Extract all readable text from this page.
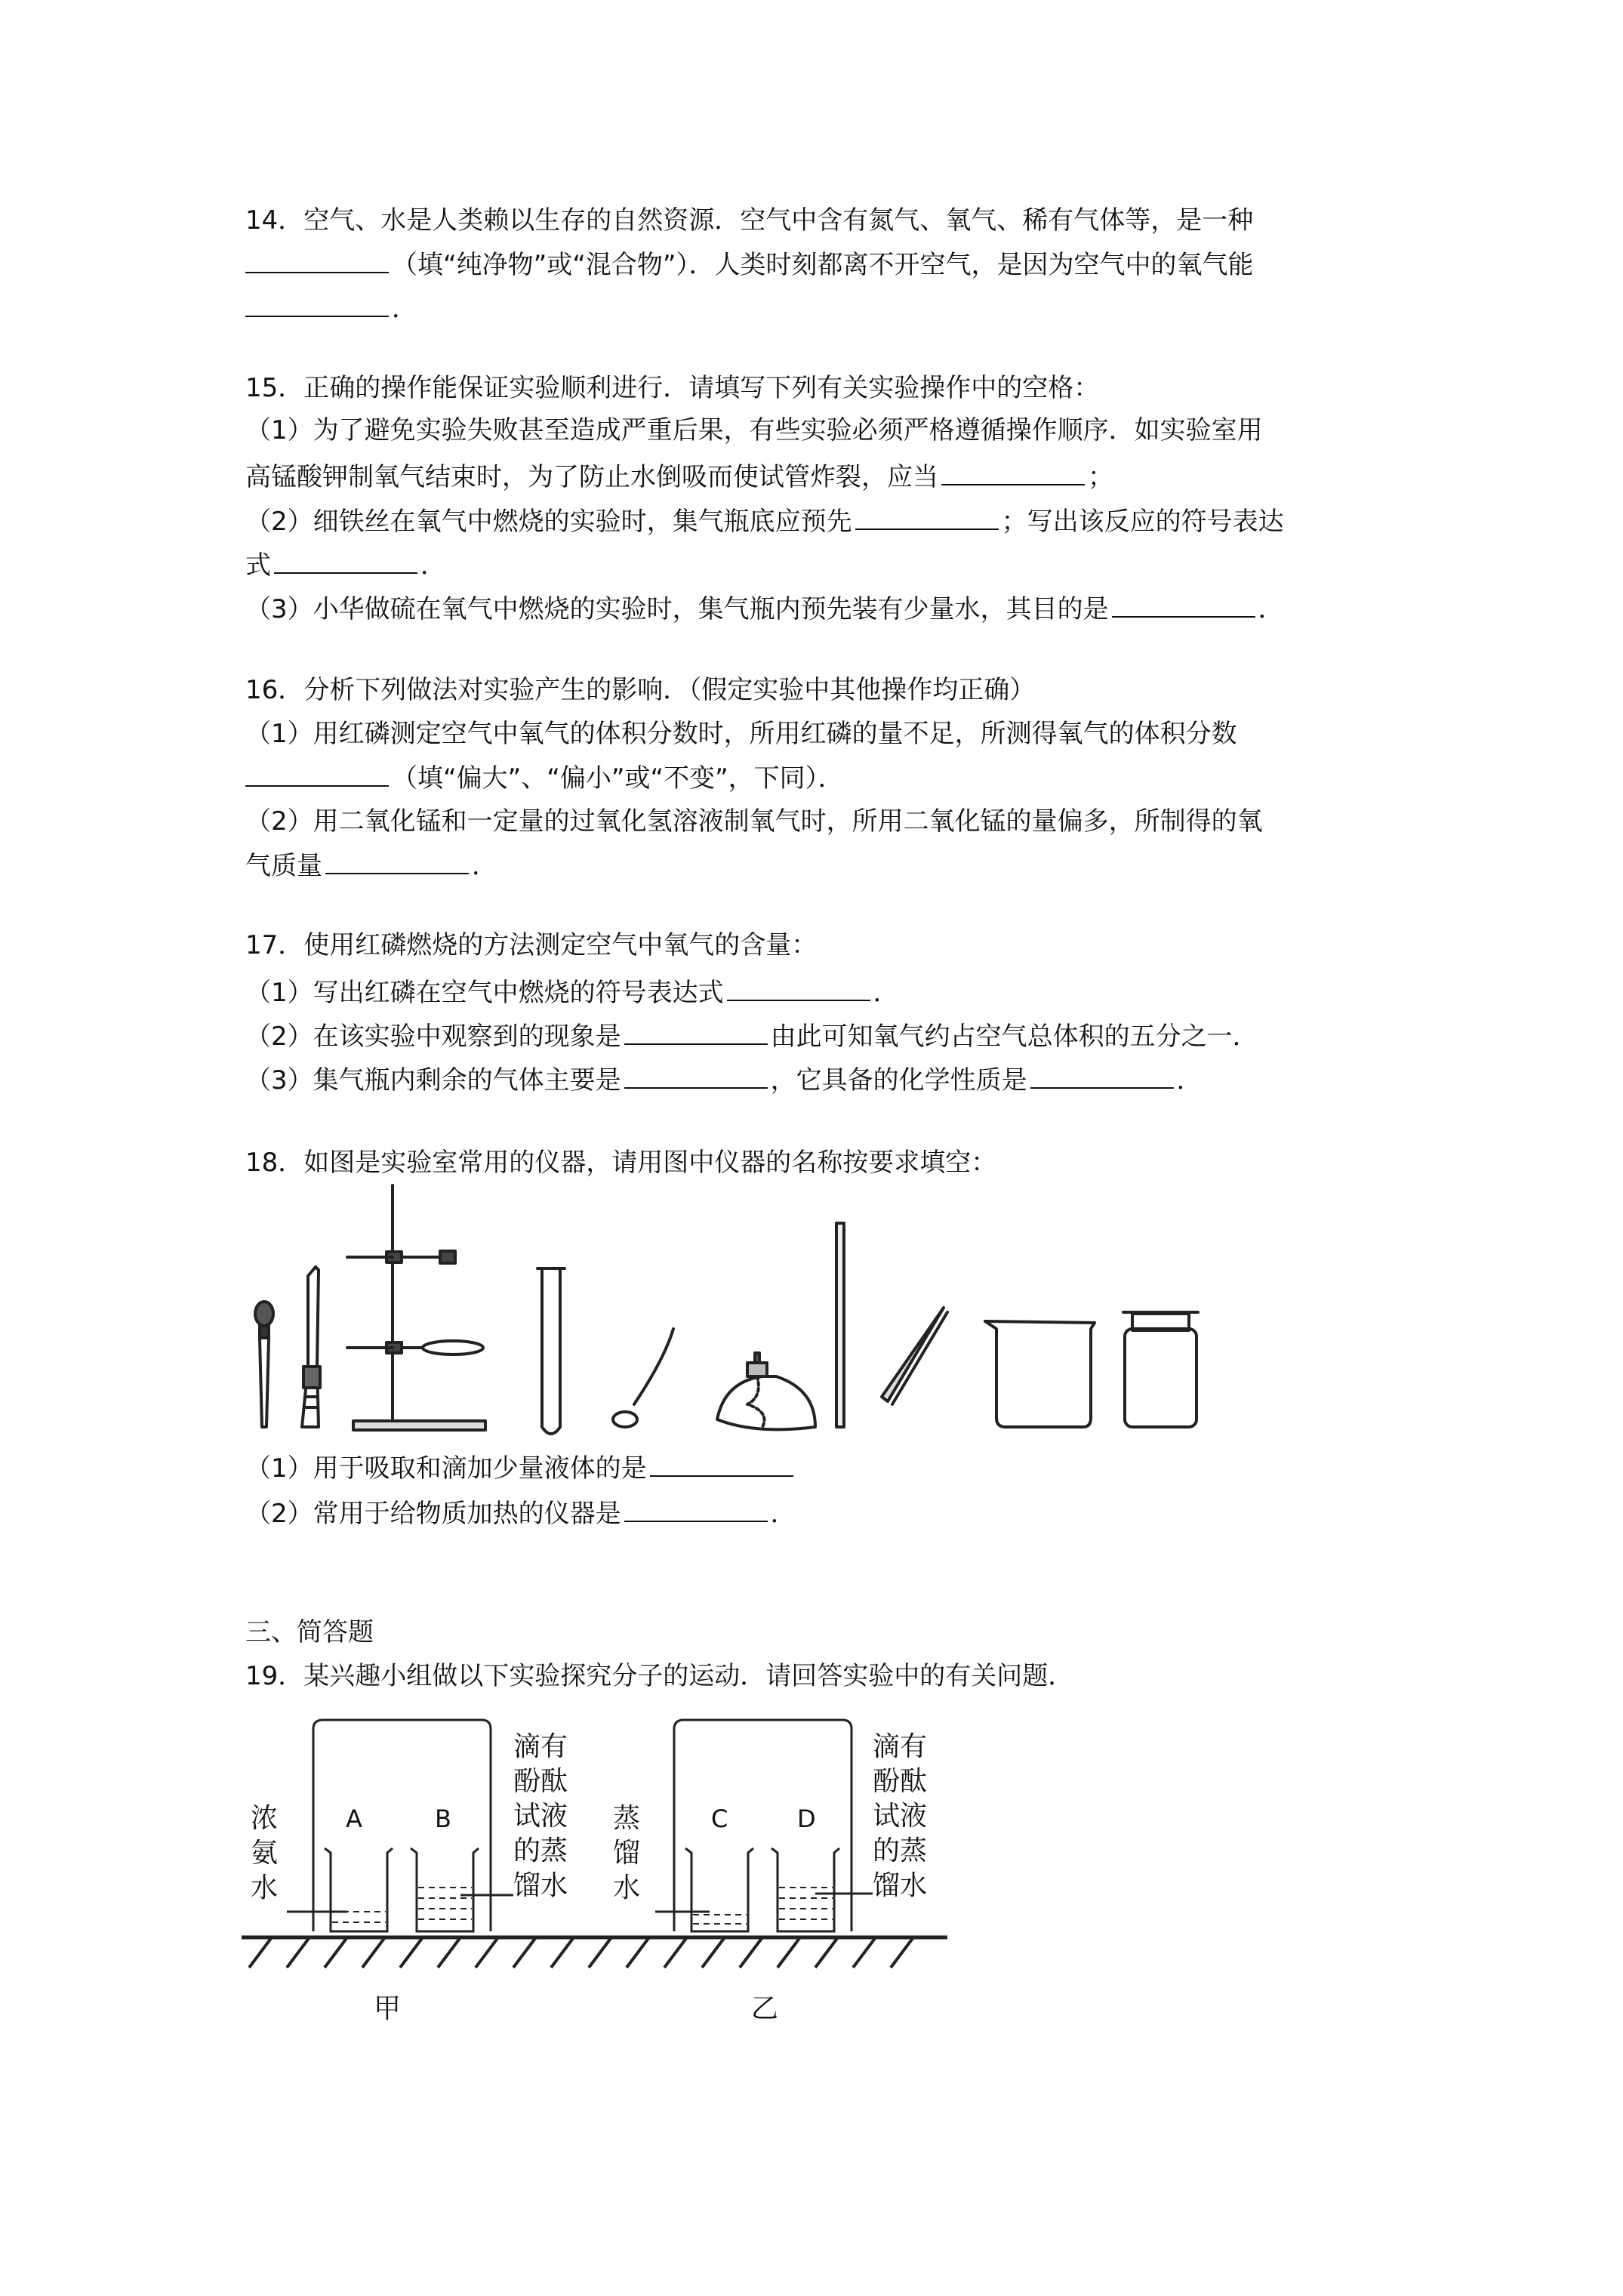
14．空气、水是人类赖以生存的自然资源．空气中含有氮气、氧气、稀有气体等，是一种
（填“纯净物”或“混合物”）．人类时刻都离不开空气，是因为空气中的氧气能
．
15．正确的操作能保证实验顺利进行．请填写下列有关实验操作中的空格：
（1）为了避免实验失败甚至造成严重后果，有些实验必须严格遵循操作顺序．如实验室用
高锰酸钾制氧气结束时，为了防止水倒吸而使试管炸裂，应当	；
（2）细铁丝在氧气中燃烧的实验时，集气瓶底应预先	；写出该反应的符号表达
式	．
（3）小华做硫在氧气中燃烧的实验时，集气瓶内预先装有少量水，其目的是	．
16．分析下列做法对实验产生的影响．（假定实验中其他操作均正确）
（1）用红磷测定空气中氧气的体积分数时，所用红磷的量不足，所测得氧气的体积分数
（填“偏大”、“偏小”或“不变”，下同）．
（2）用二氧化锰和一定量的过氧化氢溶液制氧气时，所用二氧化锰的量偏多，所制得的氧
气质量	．
17．使用红磷燃烧的方法测定空气中氧气的含量：
（1）写出红磷在空气中燃烧的符号表达式	．
（2）在该实验中观察到的现象是	由此可知氧气约占空气总体积的五分之一．
（3）集气瓶内剩余的气体主要是	，它具备的化学性质是	．
18．如图是实验室常用的仪器，请用图中仪器的名称按要求填空：
（1）用于吸取和滴加少量液体的是
（2）常用于给物质加热的仪器是	．
三、简答题
19．某兴趣小组做以下实验探究分子的运动．请回答实验中的有关问题．
浓
氨
水
滴有
酚酞
试液
的蒸
馏水
蒸
馏
水
滴有
酚酞
试液
的蒸
馏水
A	B	C	D
甲	乙
